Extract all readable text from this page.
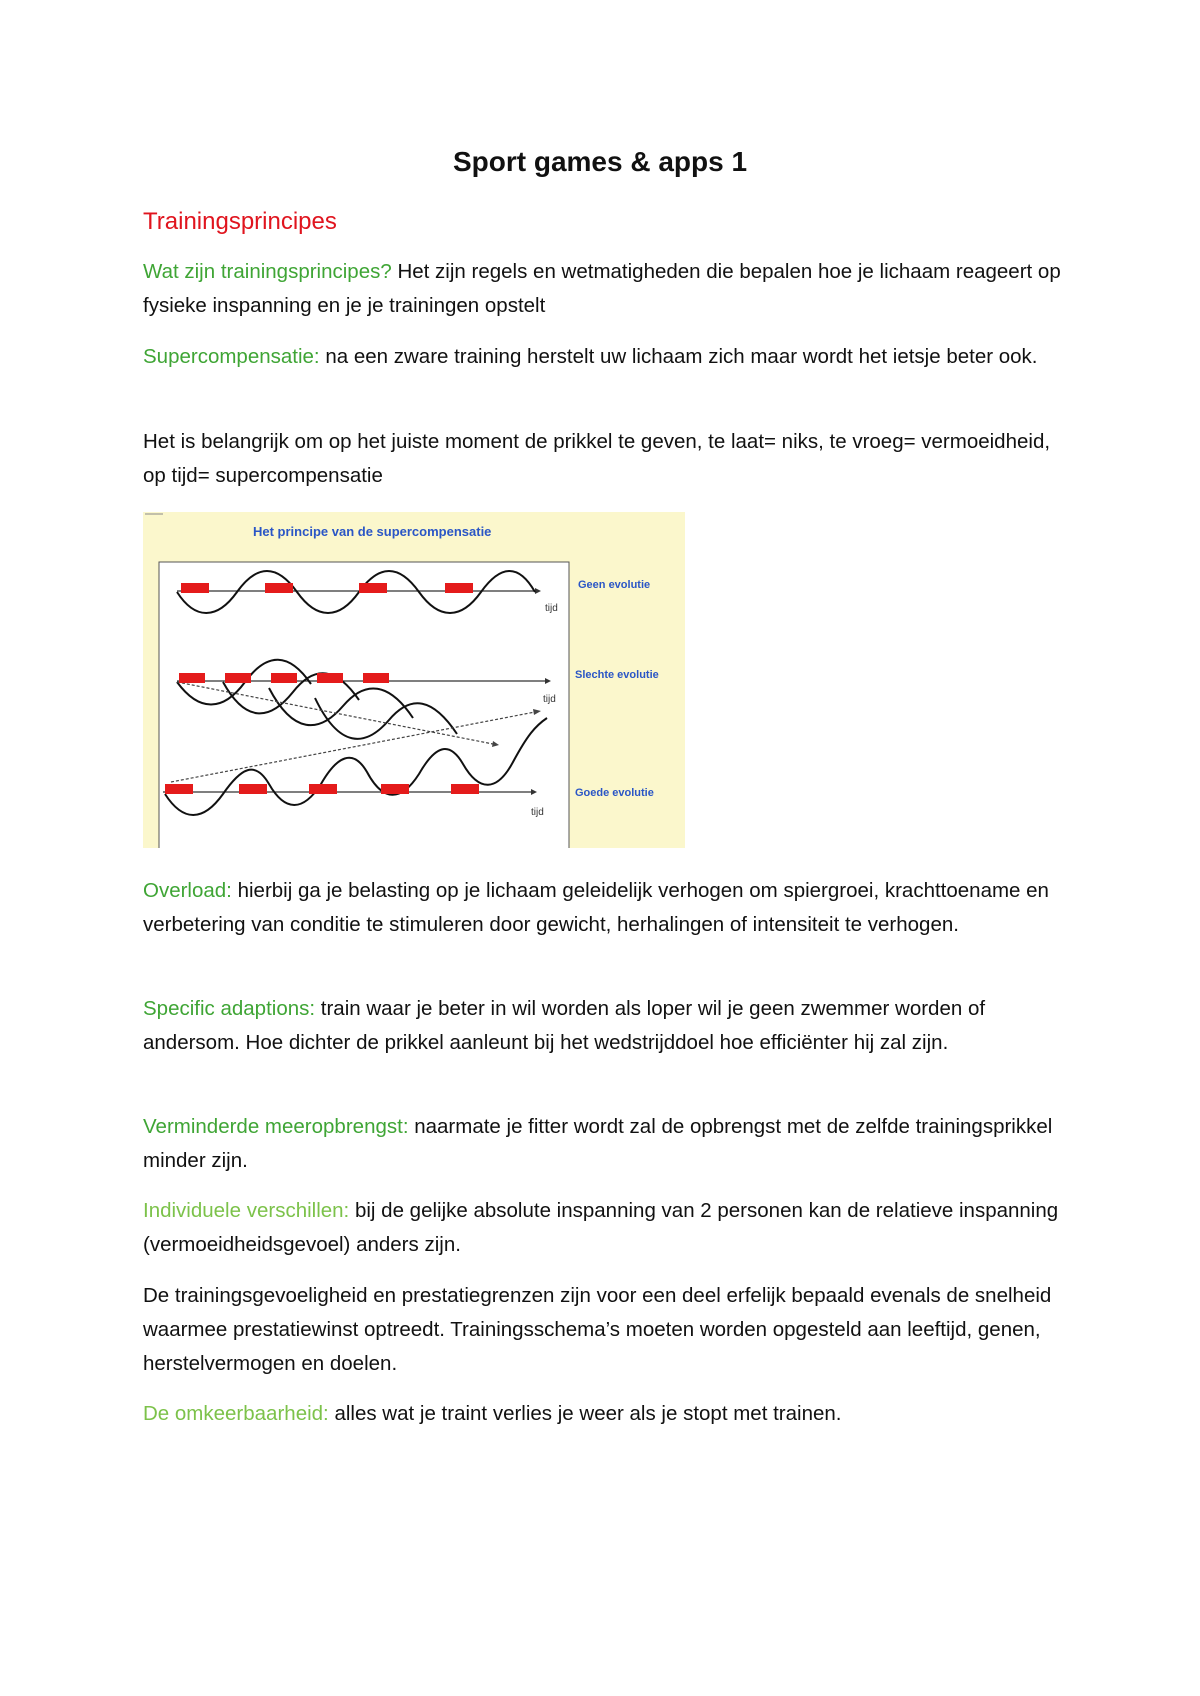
Sport games & apps 1
Trainingsprincipes

Wat zijn trainingsprincipes? Het zijn regels en wetmatigheden die bepalen hoe je lichaam reageert op fysieke inspanning en je je trainingen opstelt

Supercompensatie: na een zware training herstelt uw lichaam zich maar wordt het ietsje beter ook.

Het is belangrijk om op het juiste moment de prikkel te geven, te laat= niks, te vroeg= vermoeidheid, op tijd= supercompensatie

Het principe van de supercompensatie
tijd
Geen evolutie
tijd
Slechte evolutie
tijd
Goede evolutie

Overload: hierbij ga je belasting op je lichaam geleidelijk verhogen om spiergroei, krachttoename en verbetering van conditie te stimuleren door gewicht, herhalingen of intensiteit te verhogen.

Specific adaptions: train waar je beter in wil worden als loper wil je geen zwemmer worden of andersom. Hoe dichter de prikkel aanleunt bij het wedstrijddoel hoe efficiënter hij zal zijn.

Verminderde meeropbrengst: naarmate je fitter wordt zal de opbrengst met de zelfde trainingsprikkel minder zijn.

Individuele verschillen: bij de gelijke absolute inspanning van 2 personen kan de relatieve inspanning (vermoeidheidsgevoel) anders zijn.

De trainingsgevoeligheid en prestatiegrenzen zijn voor een deel erfelijk bepaald evenals de snelheid waarmee prestatiewinst optreedt. Trainingsschema’s moeten worden opgesteld aan leeftijd, genen, herstelvermogen en doelen.

De omkeerbaarheid: alles wat je traint verlies je weer als je stopt met trainen.
